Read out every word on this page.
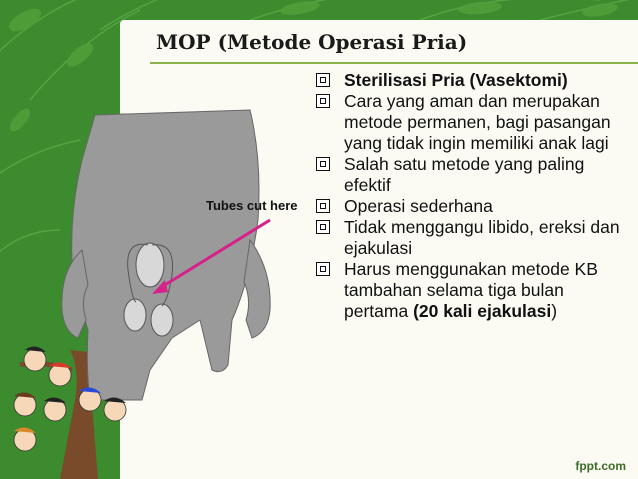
MOP (Metode Operasi Pria)
Tubes cut here
Sterilisasi Pria (Vasektomi)
Cara yang aman dan merupakan metode permanen, bagi pasangan yang tidak ingin memiliki anak lagi
Salah satu metode yang paling efektif
Operasi sederhana
Tidak menggangu libido, ereksi dan ejakulasi
Harus menggunakan metode KB tambahan selama tiga bulan pertama (20 kali ejakulasi)
fppt.com
